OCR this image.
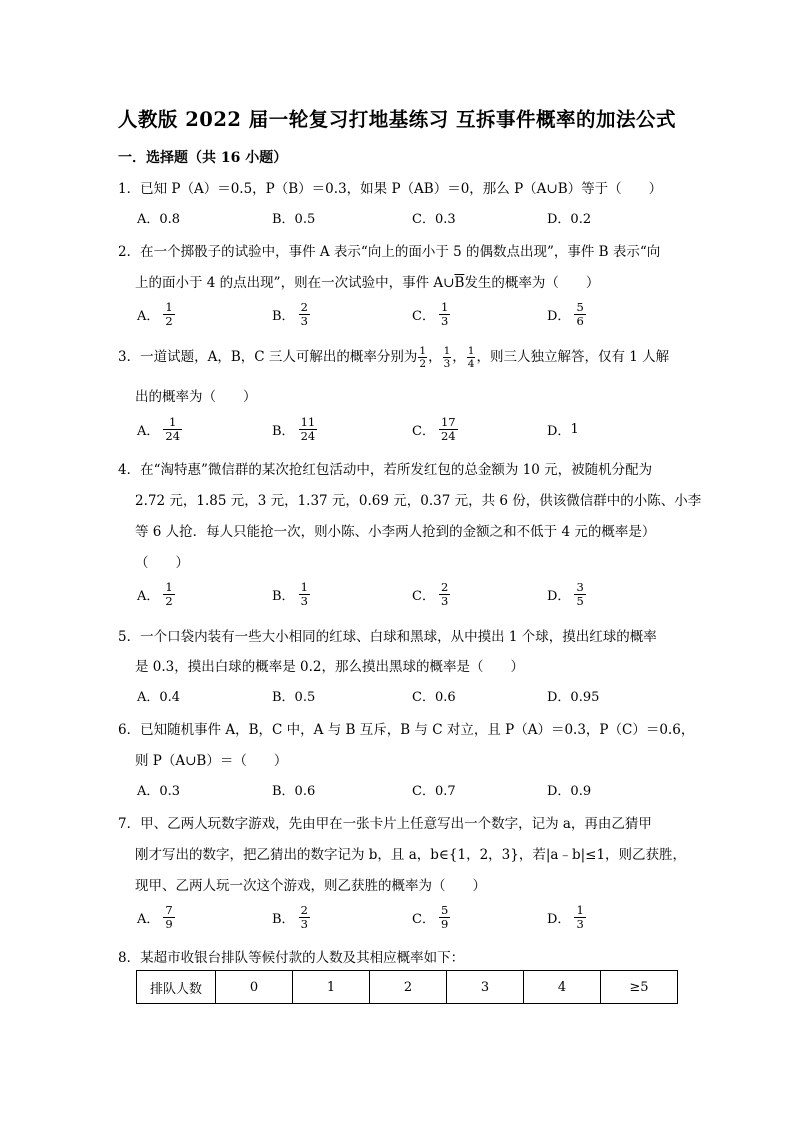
人教版 2022 届一轮复习打地基练习 互拆事件概率的加法公式
一．选择题（共 16 小题）
1．已知 P（A）＝0.5，P（B）＝0.3，如果 P（AB）＝0，那么 P（A∪B）等于（　　）
A．0.8	B．0.5	C．0.3	D．0.2
2．在一个掷骰子的试验中，事件 A 表示“向上的面小于 5 的偶数点出现”，事件 B 表示“向
上的面小于 4 的点出现”，则在一次试验中，事件 $A\cup\overline{B}$发生的概率为（　　）
A． $\frac{1}{2}$	B． $\frac{2}{3}$	C． $\frac{1}{3}$	D． $\frac{5}{6}$
3．一道试题，A，B，C 三人可解出的概率分别为 $\frac{1}{2}$ ， $\frac{1}{3}$ ， $\frac{1}{4}$ ，则三人独立解答，仅有 1 人解
出的概率为（　　）
A． $\frac{1}{24}$	B． $\frac{11}{24}$	C． $\frac{17}{24}$	D． 1
4．在“淘特惠”微信群的某次抢红包活动中，若所发红包的总金额为 10 元，被随机分配为
2.72 元，1.85 元，3 元，1.37 元，0.69 元，0.37 元，共 6 份，供该微信群中的小陈、小李
等 6 人抢．每人只能抢一次，则小陈、小李两人抢到的金额之和不低于 4 元的概率是）
（　　）
A． $\frac{1}{2}$	B． $\frac{1}{3}$	C． $\frac{2}{3}$	D． $\frac{3}{5}$
5．一个口袋内装有一些大小相同的红球、白球和黑球，从中摸出 1 个球，摸出红球的概率
是 0.3，摸出白球的概率是 0.2，那么摸出黑球的概率是（　　）
A．0.4	B．0.5	C．0.6	D．0.95
6．已知随机事件 A，B，C 中，A 与 B 互斥，B 与 C 对立，且 P（A）＝0.3，P（C）＝0.6，
则 P（A∪B）＝（　　）
A．0.3	B．0.6	C．0.7	D．0.9
7．甲、乙两人玩数字游戏，先由甲在一张卡片上任意写出一个数字，记为 a，再由乙猜甲
刚才写出的数字，把乙猜出的数字记为 b，且 a，b∈{1，2，3}，若|a﹣b|≤1，则乙获胜，
现甲、乙两人玩一次这个游戏，则乙获胜的概率为（　　）
A． $\frac{7}{9}$	B． $\frac{2}{3}$	C． $\frac{5}{9}$	D． $\frac{1}{3}$
8．某超市收银台排队等候付款的人数及其相应概率如下：
排队人数	0	1	2	3	4	≥5
